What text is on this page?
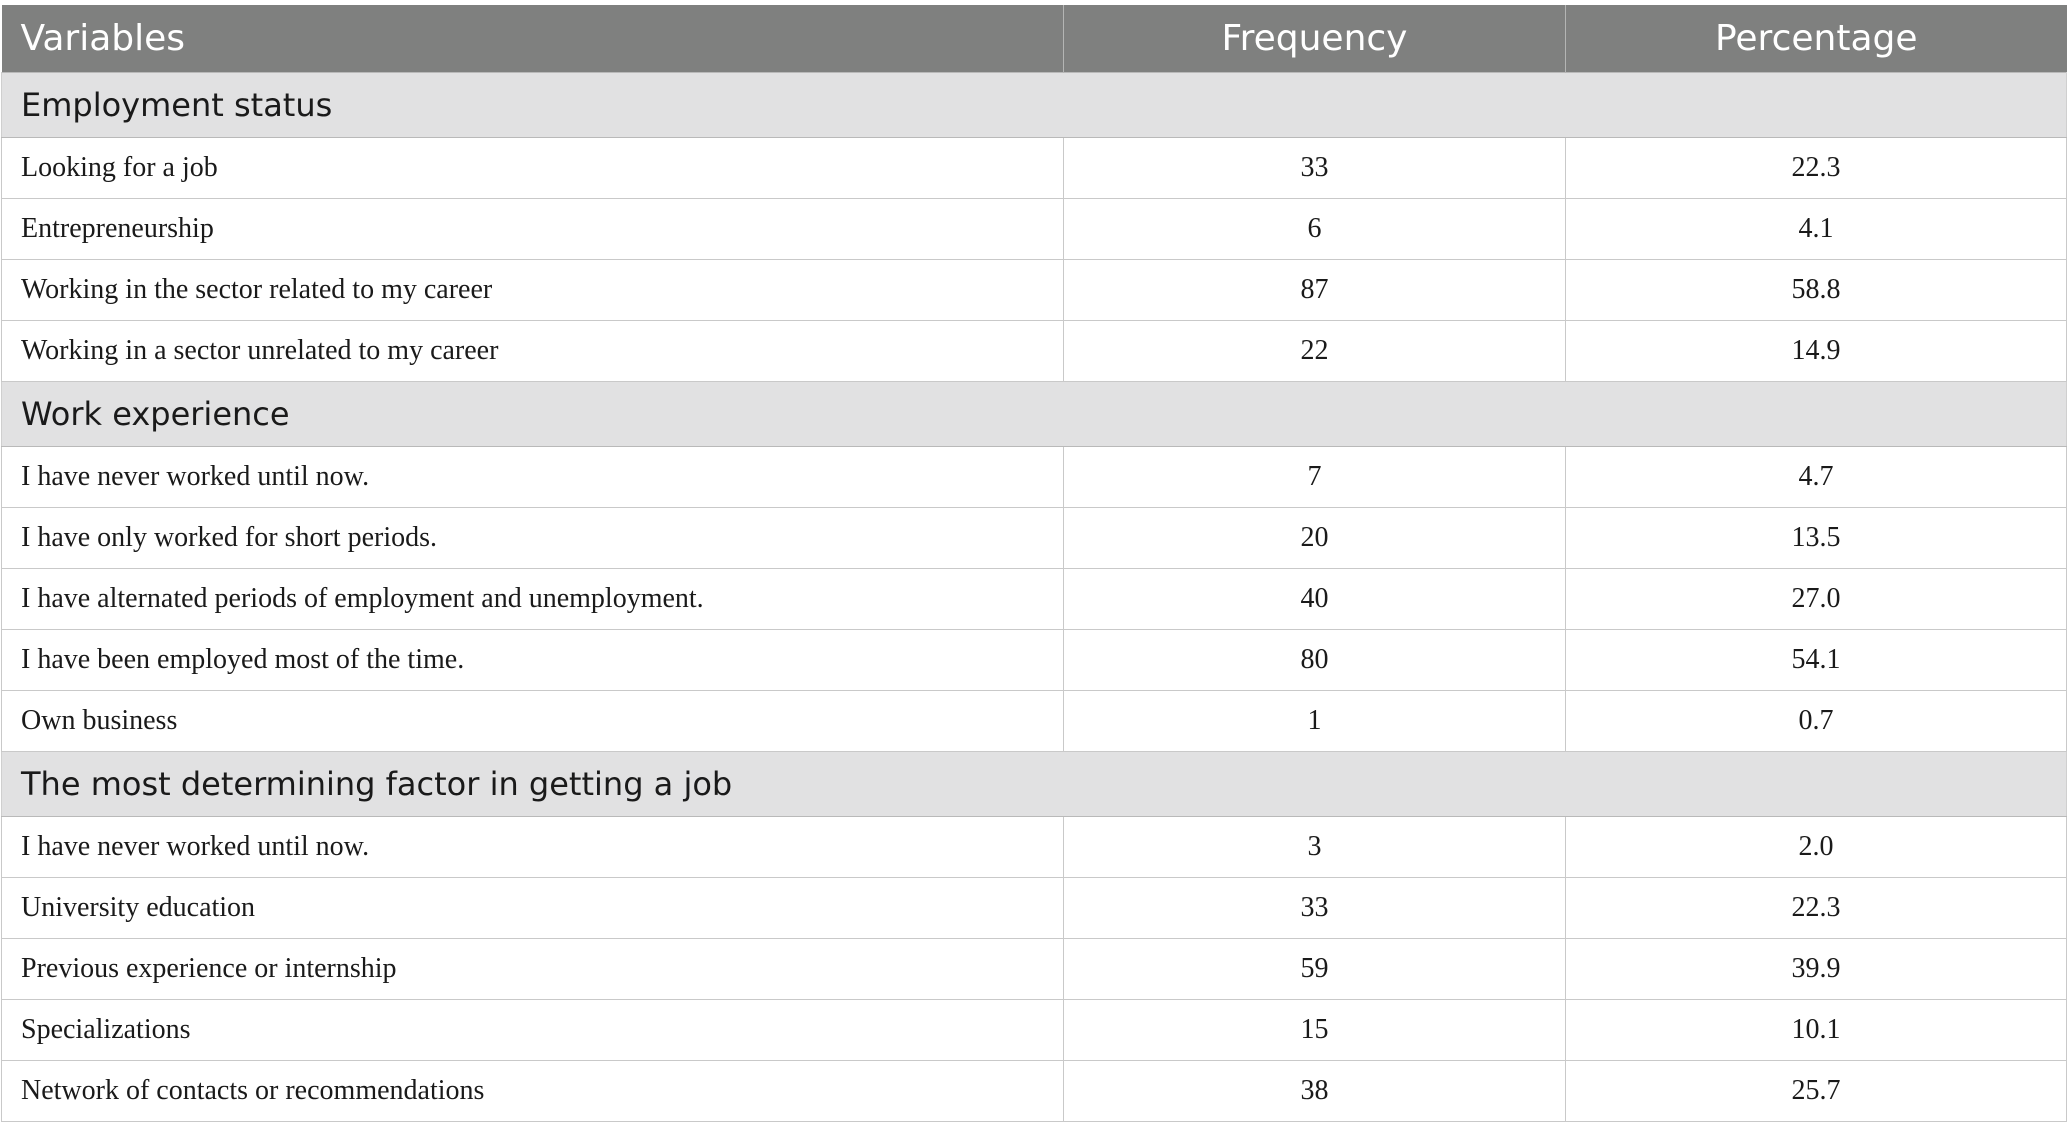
Variables	Frequency	Percentage
Employment status		
Looking for a job	33	22.3
Entrepreneurship	6	4.1
Working in the sector related to my career	87	58.8
Working in a sector unrelated to my career	22	14.9
Work experience		
I have never worked until now.	7	4.7
I have only worked for short periods.	20	13.5
I have alternated periods of employment and unemployment.	40	27.0
I have been employed most of the time.	80	54.1
Own business	1	0.7
The most determining factor in getting a job		
I have never worked until now.	3	2.0
University education	33	22.3
Previous experience or internship	59	39.9
Specializations	15	10.1
Network of contacts or recommendations	38	25.7
